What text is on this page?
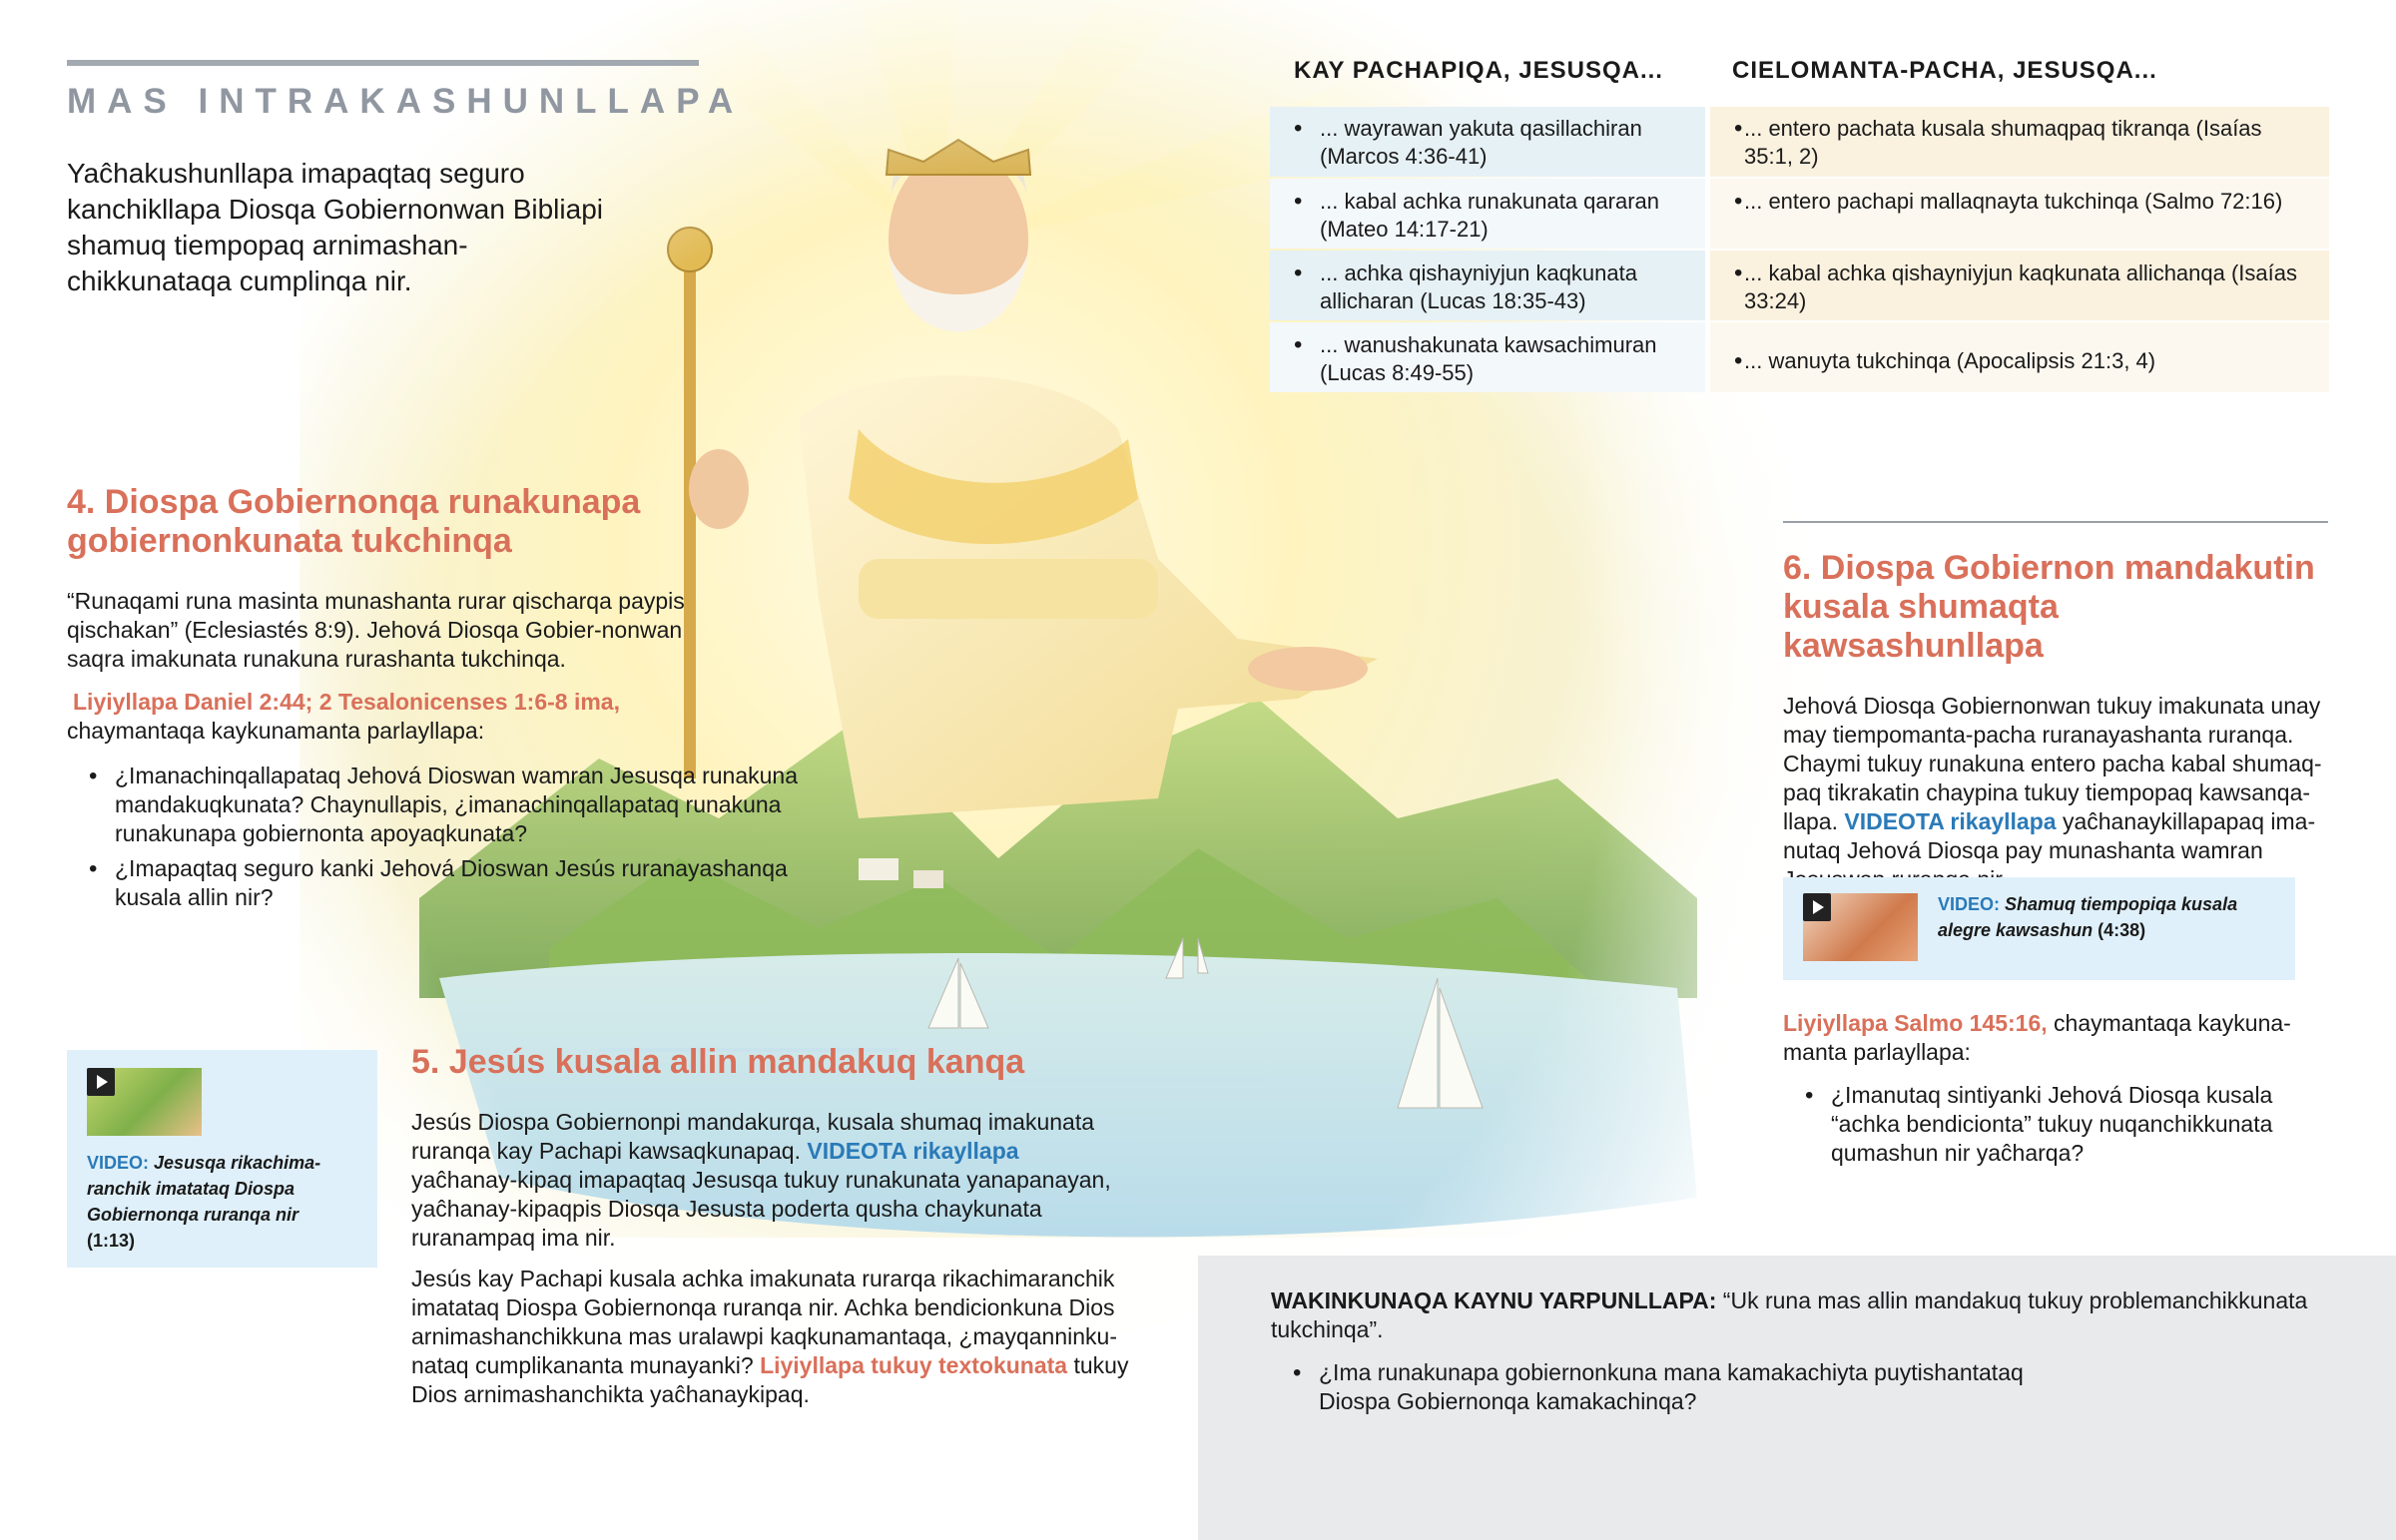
MAS INTRAKASHUNLLAPA

Yaĉhakushunllapa imapaqtaq seguro kanchikllapa Diosqa Gobiernonwan Bibliapi shamuq tiempopaq arnimashan-chikkunataqa cumplinqa nir.

KAY PACHAPIQA, JESUSQA...	CIELOMANTA-PACHA, JESUSQA...
• ... wayrawan yakuta qasillachiran (Marcos 4:36-41)
• ... kabal achka runakunata qararan (Mateo 14:17-21)
• ... achka qishayniyjun kaqkunata allicharan (Lucas 18:35-43)
• ... wanushakunata kawsachimuran (Lucas 8:49-55)
• ... entero pachata kusala shumaqpaq tikranqa (Isaías 35:1, 2)
• ... entero pachapi mallaqnayta tukchinqa (Salmo 72:16)
• ... kabal achka qishayniyjun kaqkunata allichanqa (Isaías 33:24)
• ... wanuyta tukchinqa (Apocalipsis 21:3, 4)
4. Diospa Gobiernonqa runakunapa gobiernonkunata tukchinqa

“Runaqami runa masinta munashanta rurar qischarqa paypis qischakan” (Eclesiastés 8:9). Jehová Diosqa Gobier-nonwan saqra imakunata runakuna rurashanta tukchinqa.

Liyiyllapa Daniel 2:44; 2 Tesalonicenses 1:6-8 ima,
chaymantaqa kaykunamanta parlayllapa:

• ¿Imanachinqallapataq Jehová Dioswan wamran Jesusqa runakuna mandakuqkunata? Chaynullapis, ¿imanachinqallapataq runakuna runakunapa gobiernonta apoyaqkunata?
• ¿Imapaqtaq seguro kanki Jehová Dioswan Jesús ruranayashanqa kusala allin nir?
VIDEO: Jesusqa rikachima-ranchik imatataq Diospa Gobiernonqa ruranqa nir (1:13)
5. Jesús kusala allin mandakuq kanqa

Jesús Diospa Gobiernonpi mandakurqa, kusala shumaq imakunata ruranqa kay Pachapi kawsaqkunapaq. VIDEOTA rikayllapa yaĉhanay-kipaq imapaqtaq Jesusqa tukuy runakunata yanapanayan, yaĉhanay-kipaqpis Diosqa Jesusta poderta qusha chaykunata ruranampaq ima nir.

Jesús kay Pachapi kusala achka imakunata rurarqa rikachimaranchik imatataq Diospa Gobiernonqa ruranqa nir. Achka bendicionkuna Dios arnimashanchikkuna mas uralawpi kaqkunamantaqa, ¿mayqanninku-nataq cumplikananta munayanki? Liyiyllapa tukuy textokunata tukuy Dios arnimashanchikta yaĉhanaykipaq.

6. Diospa Gobiernon mandakutin kusala shumaqta kawsashunllapa

Jehová Diosqa Gobiernonwan tukuy imakunata unay may tiempomanta-pacha ruranayashanta ruranqa. Chaymi tukuy runakuna entero pacha kabal shumaq-paq tikrakatin chaypina tukuy tiempopaq kawsanqa-llapa. VIDEOTA rikayllapa yaĉhanaykillapapaq ima-nutaq Jehová Diosqa pay munashanta wamran

VIDEO: Shamuq tiempopiqa kusala alegre kawsashun (4:38)

Liyiyllapa Salmo 145:16, chaymantaqa kaykuna-manta parlayllapa:

• ¿Imanutaq sintiyanki Jehová Diosqa kusala “achka bendicionta” tukuy nuqanchikkunata qumashun nir yaĉharqa?

WAKINKUNAQA KAYNU YARPUNLLAPA: “Uk runa mas allin mandakuq tukuy problemanchikkunata tukchinqa”.

• ¿Ima runakunapa gobiernonkuna mana kamakachiyta puytishantataq Diospa Gobiernonqa kamakachinqa?
